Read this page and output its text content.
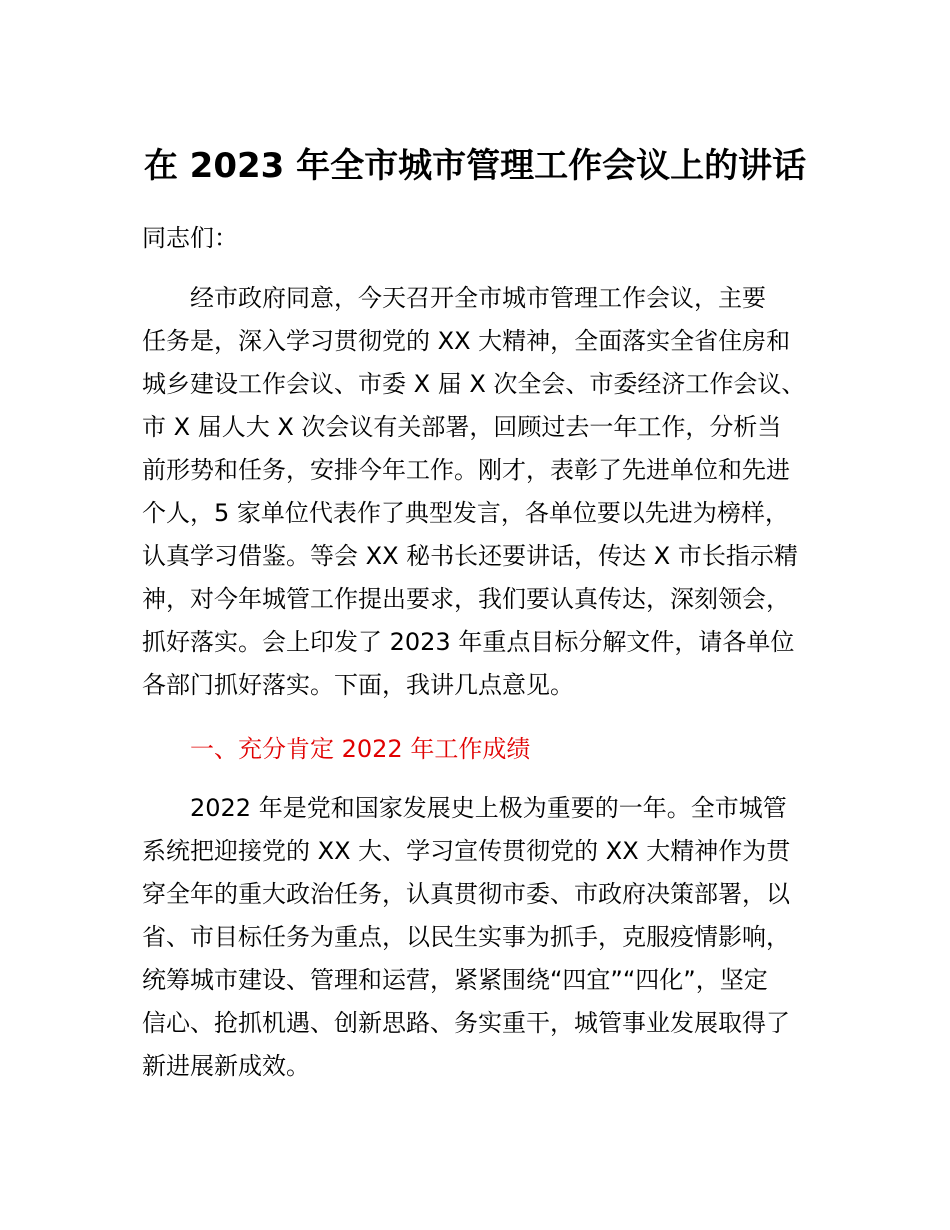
在 2023 年全市城市管理工作会议上的讲话
同志们：
经市政府同意，今天召开全市城市管理工作会议，主要
任务是，深入学习贯彻党的 XX 大精神，全面落实全省住房和
城乡建设工作会议、市委 X 届 X 次全会、市委经济工作会议、
市 X 届人大 X 次会议有关部署，回顾过去一年工作，分析当
前形势和任务，安排今年工作。刚才，表彰了先进单位和先进
个人，5 家单位代表作了典型发言，各单位要以先进为榜样，
认真学习借鉴。等会 XX 秘书长还要讲话，传达 X 市长指示精
神，对今年城管工作提出要求，我们要认真传达，深刻领会，
抓好落实。会上印发了 2023 年重点目标分解文件，请各单位
各部门抓好落实。下面，我讲几点意见。
一、充分肯定 2022 年工作成绩
2022 年是党和国家发展史上极为重要的一年。全市城管
系统把迎接党的 XX 大、学习宣传贯彻党的 XX 大精神作为贯
穿全年的重大政治任务，认真贯彻市委、市政府决策部署，以
省、市目标任务为重点，以民生实事为抓手，克服疫情影响，
统筹城市建设、管理和运营，紧紧围绕“四宜”“四化”，坚定
信心、抢抓机遇、创新思路、务实重干，城管事业发展取得了
新进展新成效。
